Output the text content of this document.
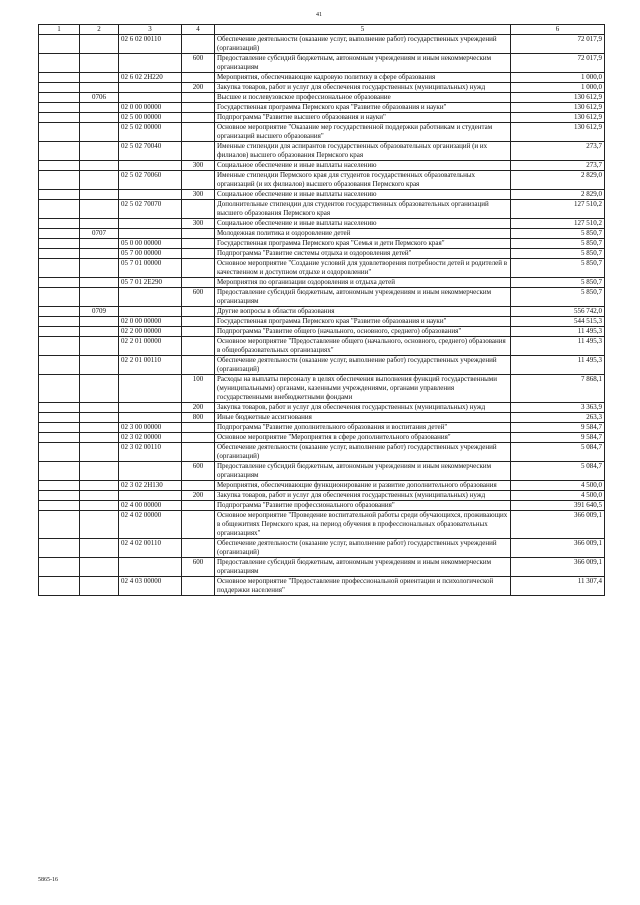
41
1	2	3	4	5	6
		02 6 02 00110		Обеспечение деятельности (оказание услуг, выполнение работ) государственных учреждений (организаций)	72 017,9
			600	Предоставление субсидий бюджетным, автономным учреждениям и иным некоммерческим организациям	72 017,9
		02 6 02 2Н220		Мероприятия, обеспечивающие кадровую политику в сфере образования	1 000,0
			200	Закупка товаров, работ и услуг для обеспечения государственных (муниципальных) нужд	1 000,0
	0706			Высшее и послевузовское профессиональное образование	130 612,9
		02 0 00 00000		Государственная программа Пермского края "Развитие образования и науки"	130 612,9
		02 5 00 00000		Подпрограмма "Развитие высшего образования и науки"	130 612,9
		02 5 02 00000		Основное мероприятие "Оказание мер государственной поддержки работникам и студентам организаций высшего образования"	130 612,9
		02 5 02 70040		Именные стипендии для аспирантов государственных образовательных организаций (и их филиалов) высшего образования Пермского края	273,7
			300	Социальное обеспечение и иные выплаты населению	273,7
		02 5 02 70060		Именные стипендии Пермского края для студентов государственных образовательных организаций (и их филиалов) высшего образования Пермского края	2 829,0
			300	Социальное обеспечение и иные выплаты населению	2 829,0
		02 5 02 70070		Дополнительные стипендии для студентов государственных образовательных организаций высшего образования Пермского края	127 510,2
			300	Социальное обеспечение и иные выплаты населению	127 510,2
	0707			Молодежная политика и оздоровление детей	5 850,7
		05 0 00 00000		Государственная программа Пермского края "Семья и дети Пермского края"	5 850,7
		05 7 00 00000		Подпрограмма "Развитие системы отдыха и оздоровления детей"	5 850,7
		05 7 01 00000		Основное мероприятие "Создание условий для удовлетворения потребности детей и родителей в качественном и доступном отдыхе и оздоровлении"	5 850,7
		05 7 01 2Е290		Мероприятия по организации оздоровления и отдыха детей	5 850,7
			600	Предоставление субсидий бюджетным, автономным учреждениям и иным некоммерческим организациям	5 850,7
	0709			Другие вопросы в области образования	556 742,0
		02 0 00 00000		Государственная программа Пермского края "Развитие образования и науки"	544 515,3
		02 2 00 00000		Подпрограмма "Развитие общего (начального, основного, среднего) образования"	11 495,3
		02 2 01 00000		Основное мероприятие "Предоставление общего (начального, основного, среднего) образования в общеобразовательных организациях"	11 495,3
		02 2 01 00110		Обеспечение деятельности (оказание услуг, выполнение работ) государственных учреждений (организаций)	11 495,3
			100	Расходы на выплаты персоналу в целях обеспечения выполнения функций государственными (муниципальными) органами, казенными учреждениями, органами управления государственными внебюджетными фондами	7 868,1
			200	Закупка товаров, работ и услуг для обеспечения государственных (муниципальных) нужд	3 363,9
			800	Иные бюджетные ассигнования	263,3
		02 3 00 00000		Подпрограмма "Развитие дополнительного образования и воспитания детей"	9 584,7
		02 3 02 00000		Основное мероприятие "Мероприятия в сфере дополнительного образования"	9 584,7
		02 3 02 00110		Обеспечение деятельности (оказание услуг, выполнение работ) государственных учреждений (организаций)	5 084,7
			600	Предоставление субсидий бюджетным, автономным учреждениям и иным некоммерческим организациям	5 084,7
		02 3 02 2Н130		Мероприятия, обеспечивающие функционирование и развитие дополнительного образования	4 500,0
			200	Закупка товаров, работ и услуг для обеспечения государственных (муниципальных) нужд	4 500,0
		02 4 00 00000		Подпрограмма "Развитие профессионального образования"	391 640,5
		02 4 02 00000		Основное мероприятие "Проведение воспитательной работы среди обучающихся, проживающих в общежитиях Пермского края, на период обучения в профессиональных образовательных организациях"	366 009,1
		02 4 02 00110		Обеспечение деятельности (оказание услуг, выполнение работ) государственных учреждений (организаций)	366 009,1
			600	Предоставление субсидий бюджетным, автономным учреждениям и иным некоммерческим организациям	366 009,1
		02 4 03 00000		Основное мероприятие "Предоставление профессиональной ориентации и психологической поддержки населения"	11 307,4
5865-16
